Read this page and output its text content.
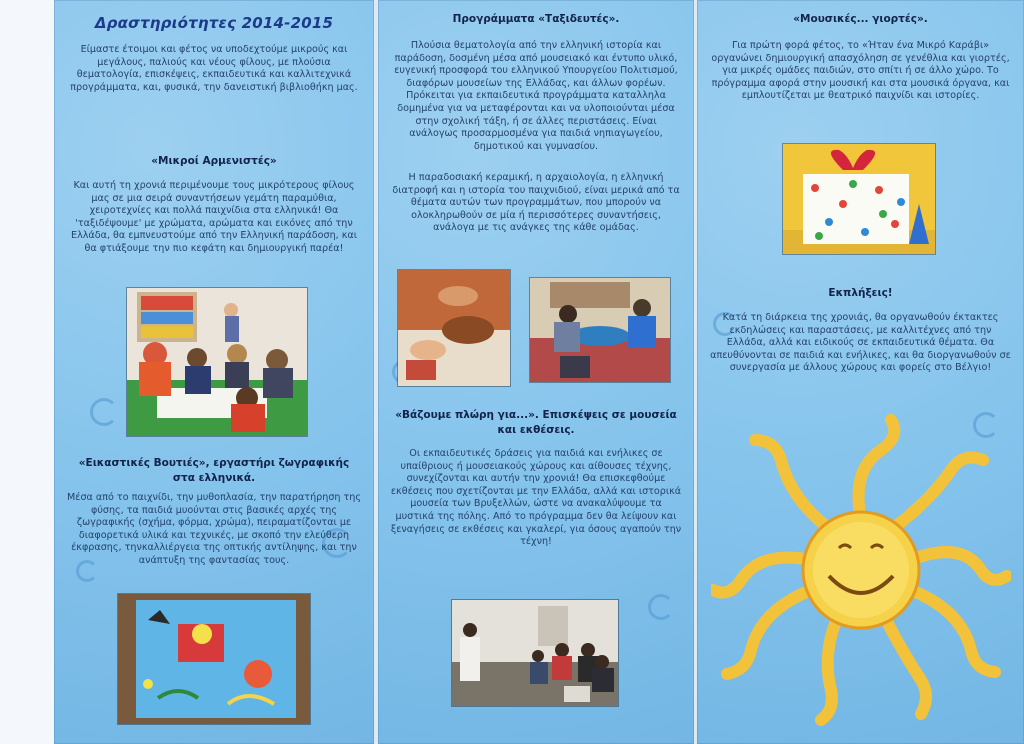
Δραστηριότητες 2014-2015
Είμαστε έτοιμοι και φέτος να υποδεχτούμε μικρούς και μεγάλους, παλιούς και νέους φίλους, με πλούσια θεματολογία, επισκέψεις, εκπαιδευτικά και καλλιτεχνικά προγράμματα, και, φυσικά, την δανειστική βιβλιοθήκη μας.
«Μικροί Αρμενιστές»
Και αυτή τη χρονιά περιμένουμε τους μικρότερους φίλους μας σε μια σειρά συναντήσεων γεμάτη παραμύθια, χειροτεχνίες και πολλά παιχνίδια στα ελληνικά! Θα 'ταξιδέψουμε' με χρώματα, αρώματα και εικόνες από την Ελλάδα, θα εμπνευστούμε από την Ελληνική παράδοση, και θα φτιάξουμε την πιο κεφάτη και δημιουργική παρέα!
«Εικαστικές Βουτιές», εργαστήρι ζωγραφικής στα ελληνικά.
Μέσα από το παιχνίδι, την μυθοπλασία, την παρατήρηση της φύσης, τα παιδιά μυούνται στις βασικές αρχές της ζωγραφικής (σχήμα, φόρμα, χρώμα), πειραματίζονται με διαφορετικά υλικά και τεχνικές, με σκοπό την ελεύθερη έκφρασης, τηνκαλλιέργεια της οπτικής αντίληψης, και την ανάπτυξη της φαντασίας τους.
Προγράμματα «Ταξιδευτές».
Πλούσια θεματολογία από την ελληνική ιστορία και παράδοση, δοσμένη μέσα από μουσειακό και έντυπο υλικό, ευγενική προσφορά του ελληνικού Υπουργείου Πολιτισμού, διαφόρων μουσείων της Ελλάδας, και άλλων φορέων. Πρόκειται για εκπαιδευτικά προγράμματα καταλληλα δομημένα για να μεταφέρονται και να υλοποιούνται μέσα στην σχολική τάξη, ή σε άλλες περιστάσεις. Είναι ανάλογως προσαρμοσμένα για παιδιά νηπιαγωγείου, δημοτικού και γυμνασίου.
Η παραδοσιακή κεραμική, η αρχαιολογία, η ελληνική διατροφή και η ιστορία του παιχνιδιού, είναι μερικά από τα θέματα αυτών των προγραμμάτων, που μπορούν να ολοκληρωθούν σε μία ή περισσότερες συναντήσεις, ανάλογα με τις ανάγκες της κάθε ομάδας.
«Βάζουμε πλώρη για...». Επισκέψεις σε μουσεία και εκθέσεις.
Οι εκπαιδευτικές δράσεις για παιδιά και ενήλικες σε υπαίθριους ή μουσειακούς χώρους και αίθουσες τέχνης, συνεχίζονται και αυτήν την χρονιά! Θα επισκεφθούμε εκθέσεις που σχετίζονται με την Ελλάδα, αλλά και ιστορικά μουσεία των Βρυξελλών, ώστε να ανακαλύψουμε τα μυστικά της πόλης. Από το πρόγραμμα δεν θα λείψουν και ξεναγήσεις σε εκθέσεις και γκαλερί, για όσους αγαπούν την τέχνη!
«Μουσικές... γιορτές».
Για πρώτη φορά φέτος, το «Ήταν ένα Μικρό Καράβι» οργανώνει δημιουργική απασχόληση σε γενέθλια και γιορτές, για μικρές ομάδες παιδιών, στο σπίτι ή σε άλλο χώρο. Το πρόγραμμα αφορά στην μουσική και στα μουσικά όργανα, και εμπλουτίζεται με θεατρικό παιχνίδι και ιστορίες.
Εκπλήξεις!
Κατά τη διάρκεια της χρονιάς, θα οργανωθούν έκτακτες εκδηλώσεις και παραστάσεις, με καλλιτέχνες από την Ελλάδα, αλλά και ειδικούς σε εκπαιδευτικά θέματα. Θα απευθύνονται σε παιδιά και ενήλικες, και θα διοργανωθούν σε συνεργασία με άλλους χώρους και φορείς στο Βέλγιο!
